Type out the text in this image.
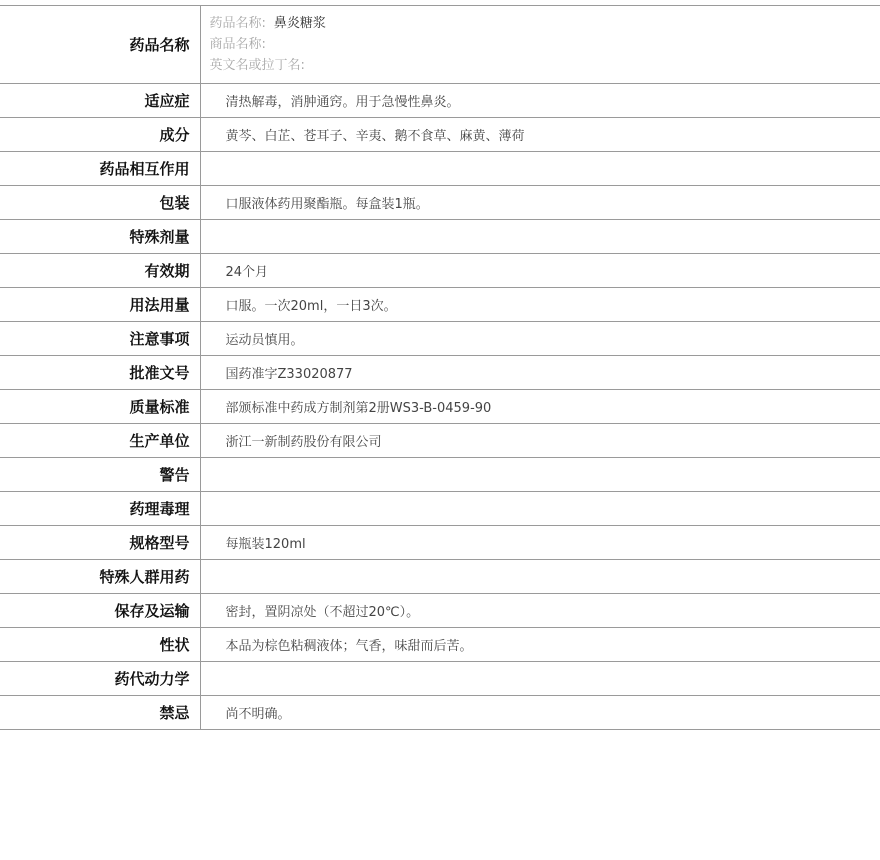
药品名称	药品名称: 鼻炎糖浆
商品名称:
英文名或拉丁名:

适应症	清热解毒，消肿通窍。用于急慢性鼻炎。
成分	黄芩、白芷、苍耳子、辛夷、鹅不食草、麻黄、薄荷
药品相互作用	
包装	口服液体药用聚酯瓶。每盒装1瓶。
特殊剂量	
有效期	24个月
用法用量	口服。一次20ml，一日3次。
注意事项	运动员慎用。
批准文号	国药准字Z33020877
质量标准	部颁标准中药成方制剂第2册WS3-B-0459-90
生产单位	浙江一新制药股份有限公司
警告	
药理毒理	
规格型号	每瓶装120ml
特殊人群用药	
保存及运输	密封，置阴凉处（不超过20℃）。
性状	本品为棕色粘稠液体；气香，味甜而后苦。
药代动力学	
禁忌	尚不明确。
